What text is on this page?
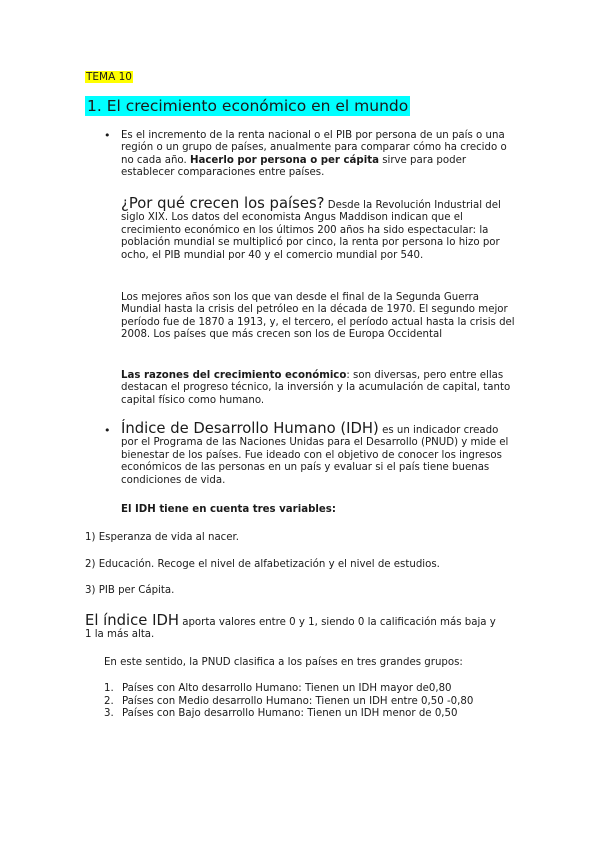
TEMA 10
1. El crecimiento económico en el mundo
• Es el incremento de la renta nacional o el PIB por persona de un país o una región o un grupo de países, anualmente para comparar cómo ha crecido o no cada año. Hacerlo por persona o per cápita sirve para poder establecer comparaciones entre países.
¿Por qué crecen los países? Desde la Revolución Industrial del siglo XIX. Los datos del economista Angus Maddison indican que el crecimiento económico en los últimos 200 años ha sido espectacular: la población mundial se multiplicó por cinco, la renta por persona lo hizo por ocho, el PIB mundial por 40 y el comercio mundial por 540.
Los mejores años son los que van desde el final de la Segunda Guerra Mundial hasta la crisis del petróleo en la década de 1970. El segundo mejor período fue de 1870 a 1913, y, el tercero, el período actual hasta la crisis del 2008. Los países que más crecen son los de Europa Occidental
Las razones del crecimiento económico: son diversas, pero entre ellas destacan el progreso técnico, la inversión y la acumulación de capital, tanto capital físico como humano.
• Índice de Desarrollo Humano (IDH) es un indicador creado por el Programa de las Naciones Unidas para el Desarrollo (PNUD) y mide el bienestar de los países. Fue ideado con el objetivo de conocer los ingresos económicos de las personas en un país y evaluar si el país tiene buenas condiciones de vida.
El IDH tiene en cuenta tres variables:
1) Esperanza de vida al nacer.
2) Educación. Recoge el nivel de alfabetización y el nivel de estudios.
3) PIB per Cápita.
El índice IDH aporta valores entre 0 y 1, siendo 0 la calificación más baja y 1 la más alta.
En este sentido, la PNUD clasifica a los países en tres grandes grupos:
1. Países con Alto desarrollo Humano: Tienen un IDH mayor de0,80
2. Países con Medio desarrollo Humano: Tienen un IDH entre 0,50 -0,80
3. Países con Bajo desarrollo Humano: Tienen un IDH menor de 0,50
